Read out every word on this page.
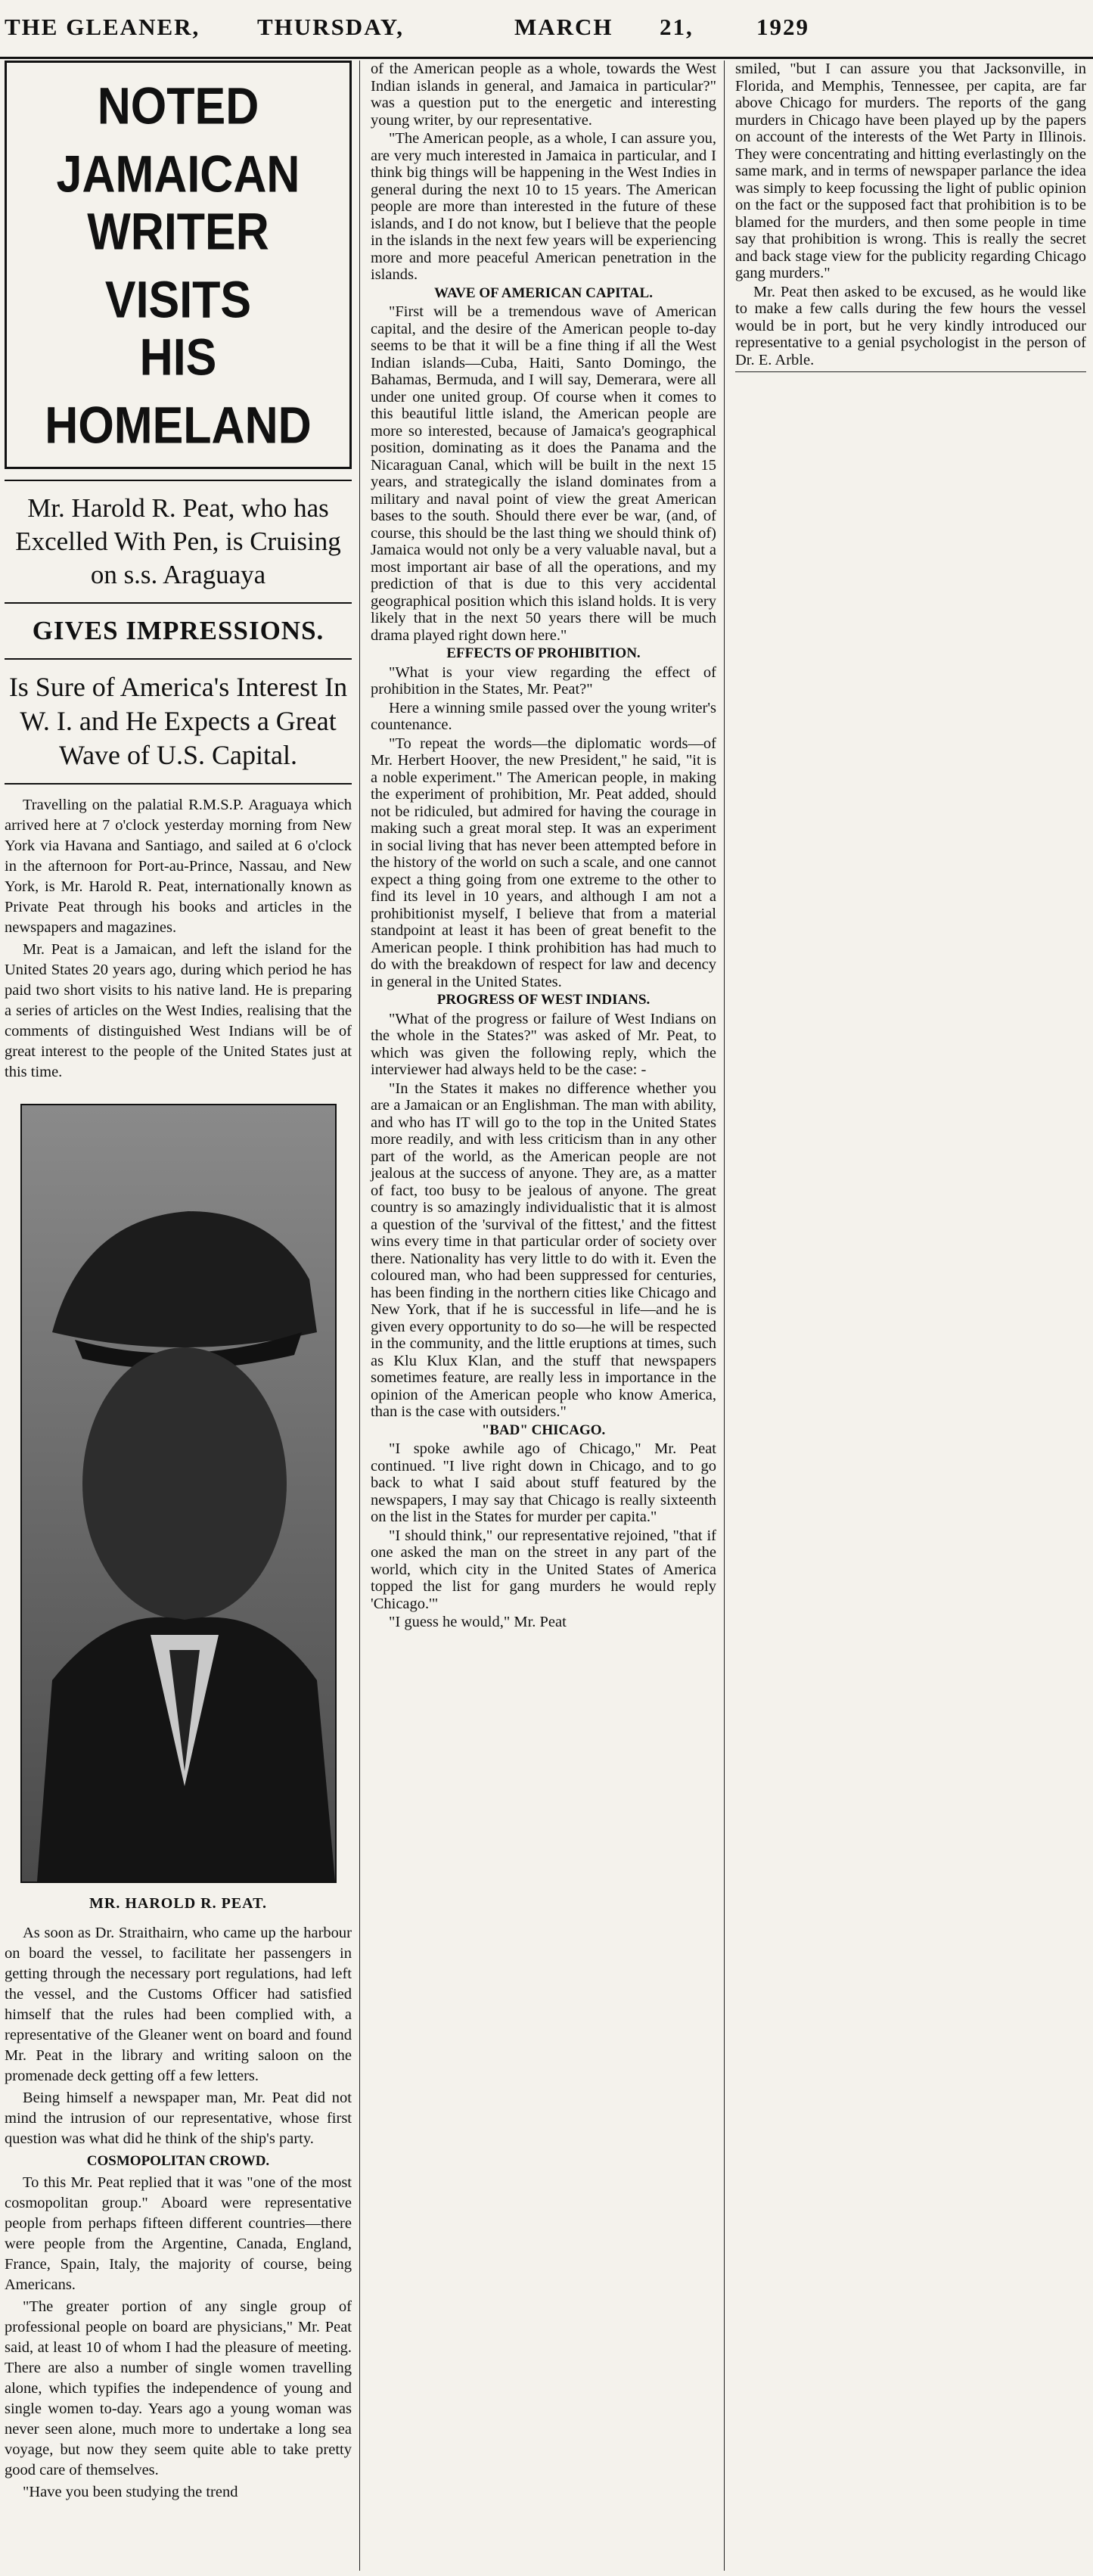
THE GLEANER, THURSDAY,	MARCH 21,	1929
NOTED JAMAICAN
WRITER VISITS
HIS HOMELAND
Mr. Harold R. Peat, who has Excelled With Pen, is Cruising on s.s. Araguaya
GIVES IMPRESSIONS.
Is Sure of America's Interest In W. I. and He Expects a Great Wave of U.S. Capital.

Travelling on the palatial R.M.S.P. Araguaya which arrived here at 7 o'clock yesterday morning from New York via Havana and Santiago, and sailed at 6 o'clock in the afternoon for Port-au-Prince, Nassau, and New York, is Mr. Harold R. Peat, internationally known as Private Peat through his books and articles in the newspapers and magazines.

Mr. Peat is a Jamaican, and left the island for the United States 20 years ago, during which period he has paid two short visits to his native land. He is preparing a series of articles on the West Indies, realising that the comments of distinguished West Indians will be of great interest to the people of the United States just at this time.

MR. HAROLD R. PEAT.

As soon as Dr. Straithairn, who came up the harbour on board the vessel, to facilitate her passengers in getting through the necessary port regulations, had left the vessel, and the Customs Officer had satisfied himself that the rules had been complied with, a representative of the Gleaner went on board and found Mr. Peat in the library and writing saloon on the promenade deck getting off a few letters.

Being himself a newspaper man, Mr. Peat did not mind the intrusion of our representative, whose first question was what did he think of the ship's party.

COSMOPOLITAN CROWD.

To this Mr. Peat replied that it was "one of the most cosmopolitan group." Aboard were representative people from perhaps fifteen different countries—there were people from the Argentine, Canada, England, France, Spain, Italy, the majority of course, being Americans.

"The greater portion of any single group of professional people on board are physicians," Mr. Peat said, at least 10 of whom I had the pleasure of meeting. There are also a number of single women travelling alone, which typifies the independence of young and single women to-day. Years ago a young woman was never seen alone, much more to undertake a long sea voyage, but now they seem quite able to take pretty good care of themselves.

"Have you been studying the trend

of the American people as a whole, towards the West Indian islands in general, and Jamaica in particular?" was a question put to the energetic and interesting young writer, by our representative.

"The American people, as a whole, I can assure you, are very much interested in Jamaica in particular, and I think big things will be happening in the West Indies in general during the next 10 to 15 years. The American people are more than interested in the future of these islands, and I do not know, but I believe that the people in the islands in the next few years will be experiencing more and more peaceful American penetration in the islands.

WAVE OF AMERICAN CAPITAL.

"First will be a tremendous wave of American capital, and the desire of the American people to-day seems to be that it will be a fine thing if all the West Indian islands—Cuba, Haiti, Santo Domingo, the Bahamas, Bermuda, and I will say, Demerara, were all under one united group. Of course when it comes to this beautiful little island, the American people are more so interested, because of Jamaica's geographical position, dominating as it does the Panama and the Nicaraguan Canal, which will be built in the next 15 years, and strategically the island dominates from a military and naval point of view the great American bases to the south. Should there ever be war, (and, of course, this should be the last thing we should think of) Jamaica would not only be a very valuable naval, but a most important air base of all the operations, and my prediction of that is due to this very accidental geographical position which this island holds. It is very likely that in the next 50 years there will be much drama played right down here."

EFFECTS OF PROHIBITION.

"What is your view regarding the effect of prohibition in the States, Mr. Peat?"

Here a winning smile passed over the young writer's countenance.

"To repeat the words—the diplomatic words—of Mr. Herbert Hoover, the new President," he said, "it is a noble experiment." The American people, in making the experiment of prohibition, Mr. Peat added, should not be ridiculed, but admired for having the courage in making such a great moral step. It was an experiment in social living that has never been attempted before in the history of the world on such a scale, and one cannot expect a thing going from one extreme to the other to find its level in 10 years, and although I am not a prohibitionist myself, I believe that from a material standpoint at least it has been of great benefit to the American people. I think prohibition has had much to do with the breakdown of respect for law and decency in general in the United States.

PROGRESS OF WEST INDIANS.

"What of the progress or failure of West Indians on the whole in the States?" was asked of Mr. Peat, to which was given the following reply, which the interviewer had always held to be the case: -

"In the States it makes no difference whether you are a Jamaican or an Englishman. The man with ability, and who has IT will go to the top in the United States more readily, and with less criticism than in any other part of the world, as the American people are not jealous at the success of anyone. They are, as a matter of fact, too busy to be jealous of anyone. The great country is so amazingly individualistic that it is almost a question of the 'survival of the fittest,' and the fittest wins every time in that particular order of society over there. Nationality has very little to do with it. Even the coloured man, who had been suppressed for centuries, has been finding in the northern cities like Chicago and New York, that if he is successful in life—and he is given every opportunity to do so—he will be respected in the community, and the little eruptions at times, such as Klu Klux Klan, and the stuff that newspapers sometimes feature, are really less in importance in the opinion of the American people who know America, than is the case with outsiders."

"BAD" CHICAGO.

"I spoke awhile ago of Chicago," Mr. Peat continued. "I live right down in Chicago, and to go back to what I said about stuff featured by the newspapers, I may say that Chicago is really sixteenth on the list in the States for murder per capita."

"I should think," our representative rejoined, "that if one asked the man on the street in any part of the world, which city in the United States of America topped the list for gang murders he would reply 'Chicago.'"

"I guess he would," Mr. Peat

smiled, "but I can assure you that Jacksonville, in Florida, and Memphis, Tennessee, per capita, are far above Chicago for murders. The reports of the gang murders in Chicago have been played up by the papers on account of the interests of the Wet Party in Illinois. They were concentrating and hitting everlastingly on the same mark, and in terms of newspaper parlance the idea was simply to keep focussing the light of public opinion on the fact or the supposed fact that prohibition is to be blamed for the murders, and then some people in time say that prohibition is wrong. This is really the secret and back stage view for the publicity regarding Chicago gang murders."

Mr. Peat then asked to be excused, as he would like to make a few calls during the few hours the vessel would be in port, but he very kindly introduced our representative to a genial psychologist in the person of Dr. E. Arble.
